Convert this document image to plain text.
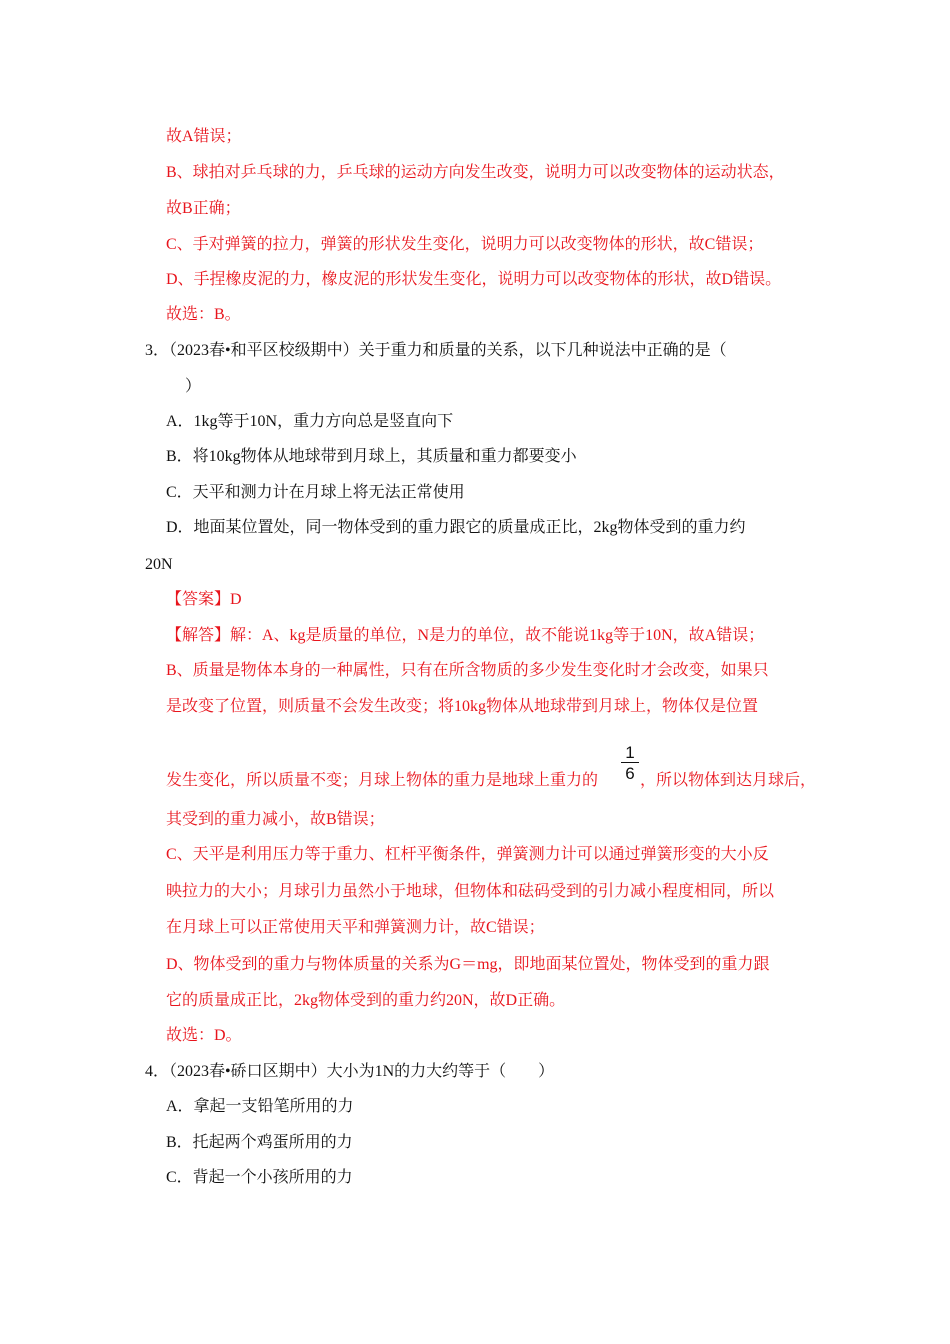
故A错误；
B、球拍对乒乓球的力，乒乓球的运动方向发生改变，说明力可以改变物体的运动状态，
故B正确；
C、手对弹簧的拉力，弹簧的形状发生变化，说明力可以改变物体的形状，故C错误；
D、手捏橡皮泥的力，橡皮泥的形状发生变化，说明力可以改变物体的形状，故D错误。
故选：B。
3．（2023春•和平区校级期中）关于重力和质量的关系，以下几种说法中正确的是（
）
A．1kg等于10N，重力方向总是竖直向下
B．将10kg物体从地球带到月球上，其质量和重力都要变小
C．天平和测力计在月球上将无法正常使用
D．地面某位置处，同一物体受到的重力跟它的质量成正比，2kg物体受到的重力约
20N
【答案】D
【解答】解：A、kg是质量的单位，N是力的单位，故不能说1kg等于10N，故A错误；
B、质量是物体本身的一种属性，只有在所含物质的多少发生变化时才会改变，如果只
是改变了位置，则质量不会发生改变；将10kg物体从地球带到月球上，物体仅是位置
发生变化，所以质量不变；月球上物体的重力是地球上重力的
1
6 ，所以物体到达月球后，
其受到的重力减小，故B错误；
C、天平是利用压力等于重力、杠杆平衡条件，弹簧测力计可以通过弹簧形变的大小反
映拉力的大小；月球引力虽然小于地球，但物体和砝码受到的引力减小程度相同，所以
在月球上可以正常使用天平和弹簧测力计，故C错误；
D、物体受到的重力与物体质量的关系为G＝mg，即地面某位置处，物体受到的重力跟
它的质量成正比，2kg物体受到的重力约20N，故D正确。
故选：D。
4．（2023春•硚口区期中）大小为1N的力大约等于（　　）
A．拿起一支铅笔所用的力
B．托起两个鸡蛋所用的力
C．背起一个小孩所用的力
